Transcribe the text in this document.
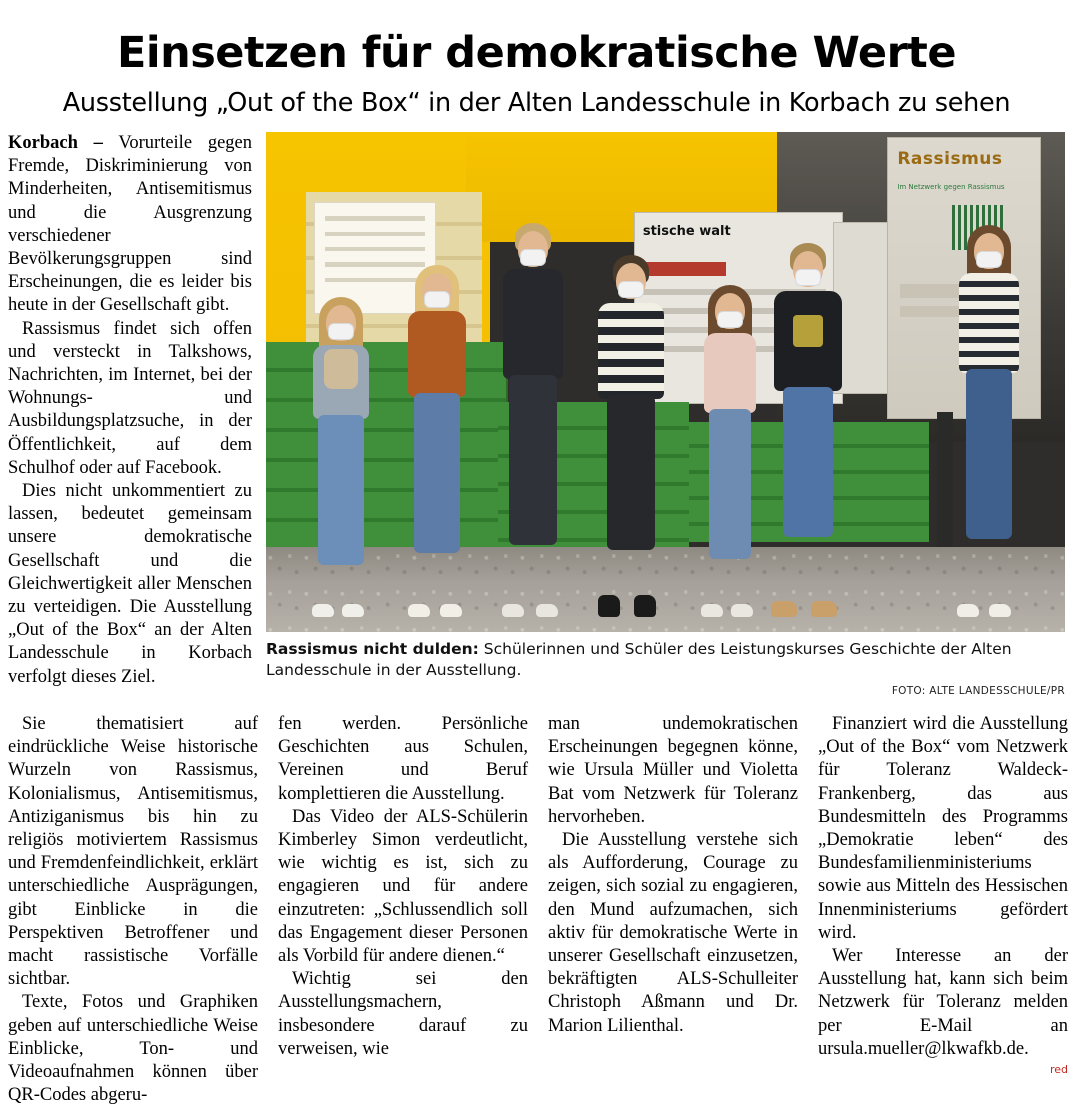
Einsetzen für demokratische Werte
Ausstellung „Out of the Box“ in der Alten Landesschule in Korbach zu sehen

Korbach – Vorurteile gegen Fremde, Diskriminierung von Minderheiten, Antisemitismus und die Ausgrenzung verschiedener Bevölkerungsgruppen sind Erscheinungen, die es leider bis heute in der Gesellschaft gibt.

Rassismus findet sich offen und versteckt in Talkshows, Nachrichten, im Internet, bei der Wohnungs- und Ausbildungsplatzsuche, in der Öffentlichkeit, auf dem Schulhof oder auf Facebook.

Dies nicht unkommentiert zu lassen, bedeutet gemeinsam unsere demokratische Gesellschaft und die Gleichwertigkeit aller Menschen zu verteidigen. Die Ausstellung „Out of the Box“ an der Alten Landesschule in Korbach verfolgt dieses Ziel.

stische walt
Rassismus
Im Netzwerk gegen Rassismus
Rassismus nicht dulden: Schülerinnen und Schüler des Leistungskurses Geschichte der Alten Landesschule in der Ausstellung.
FOTO: ALTE LANDESSCHULE/PR

Sie thematisiert auf eindrückliche Weise historische Wurzeln von Rassismus, Kolonialismus, Antisemitismus, Antiziganismus bis hin zu religiös motiviertem Rassismus und Fremdenfeindlichkeit, erklärt unterschiedliche Ausprägungen, gibt Einblicke in die Perspektiven Betroffener und macht rassistische Vorfälle sichtbar.

Texte, Fotos und Graphiken geben auf unterschiedliche Weise Einblicke, Ton- und Videoaufnahmen können über QR-Codes abgeru-

fen werden. Persönliche Geschichten aus Schulen, Vereinen und Beruf komplettieren die Ausstellung.

Das Video der ALS-Schülerin Kimberley Simon verdeutlicht, wie wichtig es ist, sich zu engagieren und für andere einzutreten: „Schlussendlich soll das Engagement dieser Personen als Vorbild für andere dienen.“

Wichtig sei den Ausstellungsmachern, insbesondere darauf zu verweisen, wie

man undemokratischen Erscheinungen begegnen könne, wie Ursula Müller und Violetta Bat vom Netzwerk für Toleranz hervorheben.

Die Ausstellung verstehe sich als Aufforderung, Courage zu zeigen, sich sozial zu engagieren, den Mund aufzumachen, sich aktiv für demokratische Werte in unserer Gesellschaft einzusetzen, bekräftigten ALS-Schulleiter Christoph Aßmann und Dr. Marion Lilienthal.

Finanziert wird die Ausstellung „Out of the Box“ vom Netzwerk für Toleranz Waldeck-Frankenberg, das aus Bundesmitteln des Programms „Demokratie leben“ des Bundesfamilienministeriums sowie aus Mitteln des Hessischen Innenministeriums gefördert wird.

Wer Interesse an der Ausstellung hat, kann sich beim Netzwerk für Toleranz melden per E-Mail an ursula.mueller@lkwafkb.de.

red
